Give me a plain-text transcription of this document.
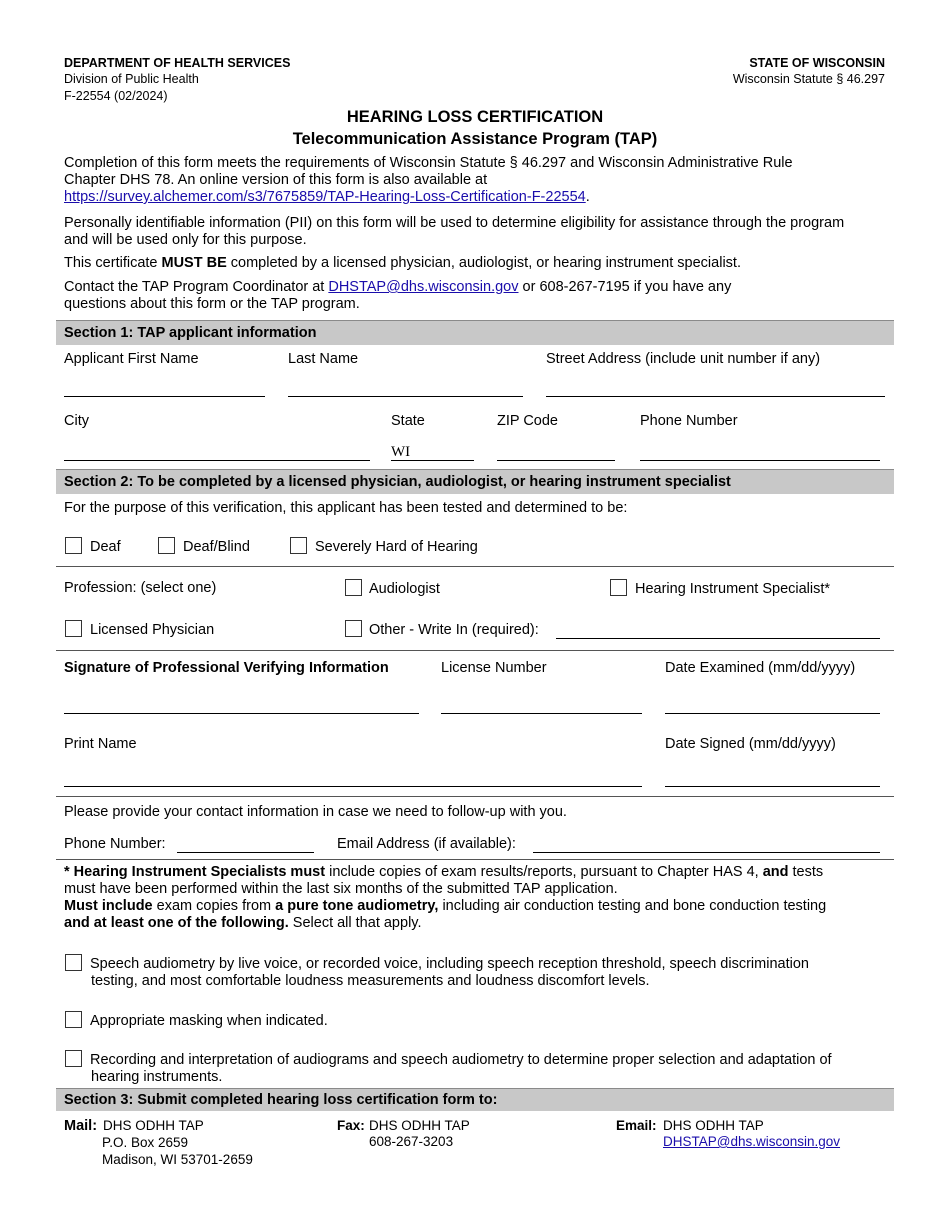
DEPARTMENT OF HEALTH SERVICES
Division of Public Health
F-22554 (02/2024)
STATE OF WISCONSIN
Wisconsin Statute § 46.297
HEARING LOSS CERTIFICATION
Telecommunication Assistance Program (TAP)
Completion of this form meets the requirements of Wisconsin Statute § 46.297 and Wisconsin Administrative Rule
Chapter DHS 78. An online version of this form is also available at
https://survey.alchemer.com/s3/7675859/TAP-Hearing-Loss-Certification-F-22554.
Personally identifiable information (PII) on this form will be used to determine eligibility for assistance through the program and will be used only for this purpose.
This certificate MUST BE completed by a licensed physician, audiologist, or hearing instrument specialist.
Contact the TAP Program Coordinator at DHSTAP@dhs.wisconsin.gov or 608-267-7195 if you have any
questions about this form or the TAP program.
Section 1: TAP applicant information
Applicant First Name	Last Name	Street Address (include unit number if any)
City	State	ZIP Code	Phone Number
WI
Section 2: To be completed by a licensed physician, audiologist, or hearing instrument specialist
For the purpose of this verification, this applicant has been tested and determined to be:
Deaf	Deaf/Blind	Severely Hard of Hearing
Profession: (select one)	Audiologist	Hearing Instrument Specialist*
Licensed Physician	Other - Write In (required):
Signature of Professional Verifying Information	License Number	Date Examined (mm/dd/yyyy)
Print Name	Date Signed (mm/dd/yyyy)
Please provide your contact information in case we need to follow-up with you.
Phone Number:	Email Address (if available):
* Hearing Instrument Specialists must include copies of exam results/reports, pursuant to Chapter HAS 4, and tests
must have been performed within the last six months of the submitted TAP application.
Must include exam copies from a pure tone audiometry, including air conduction testing and bone conduction testing
and at least one of the following. Select all that apply.
Speech audiometry by live voice, or recorded voice, including speech reception threshold, speech discrimination
testing, and most comfortable loudness measurements and loudness discomfort levels.
Appropriate masking when indicated.
Recording and interpretation of audiograms and speech audiometry to determine proper selection and adaptation of
hearing instruments.
Section 3: Submit completed hearing loss certification form to:
Mail: DHS ODHH TAP
P.O. Box 2659
Madison, WI 53701-2659
Fax: DHS ODHH TAP
608-267-3203
Email: DHS ODHH TAP
DHSTAP@dhs.wisconsin.gov
